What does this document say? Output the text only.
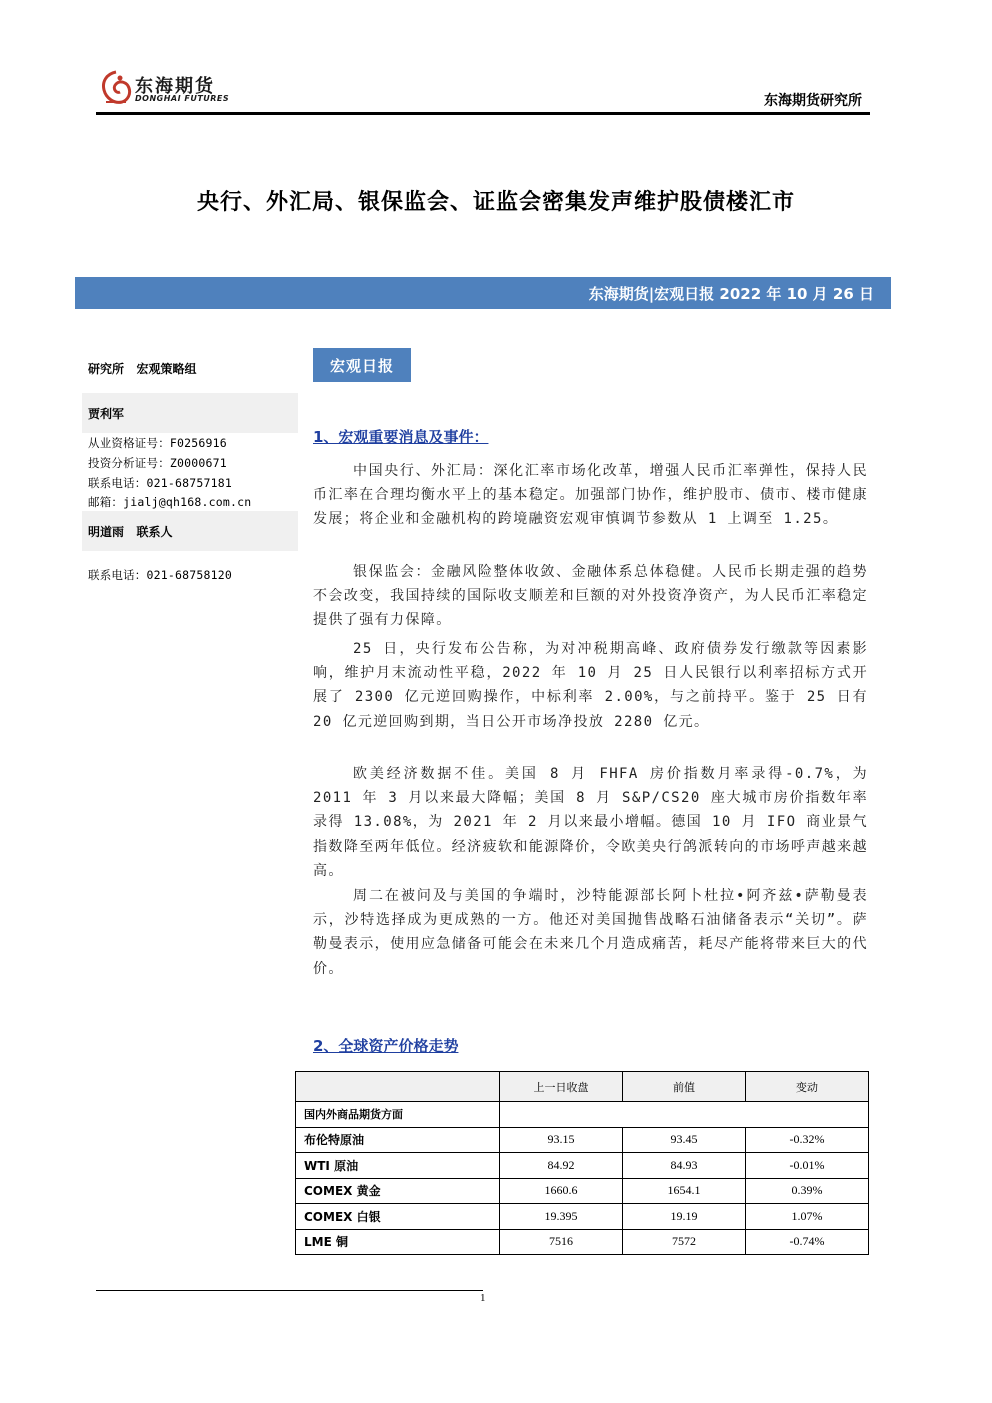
东海期货
DONGHAI FUTURES	东海期货研究所
央行、外汇局、银保监会、证监会密集发声维护股债楼汇市
东海期货|宏观日报 2022 年 10 月 26 日
研究所   宏观策略组
贾利军
从业资格证号：F0256916
投资分析证号：Z0000671
联系电话：021-68757181
邮箱：jialj@qh168.com.cn
明道雨   联系人
联系电话：021-68758120
宏观日报
1、宏观重要消息及事件：

中国央行、外汇局：深化汇率市场化改革，增强人民币汇率弹性，保持人民币汇率在合理均衡水平上的基本稳定。加强部门协作，维护股市、债市、楼市健康发展；将企业和金融机构的跨境融资宏观审慎调节参数从 1 上调至 1.25。

银保监会：金融风险整体收敛、金融体系总体稳健。人民币长期走强的趋势不会改变，我国持续的国际收支顺差和巨额的对外投资净资产，为人民币汇率稳定提供了强有力保障。

25 日，央行发布公告称，为对冲税期高峰、政府债券发行缴款等因素影响，维护月末流动性平稳，2022 年 10 月 25 日人民银行以利率招标方式开展了 2300 亿元逆回购操作，中标利率 2.00%，与之前持平。鉴于 25 日有 20 亿元逆回购到期，当日公开市场净投放 2280 亿元。

欧美经济数据不佳。美国 8 月 FHFA 房价指数月率录得-0.7%，为 2011 年 3 月以来最大降幅；美国 8 月 S&P/CS20 座大城市房价指数年率录得 13.08%，为 2021 年 2 月以来最小增幅。德国 10 月 IFO 商业景气指数降至两年低位。经济疲软和能源降价，令欧美央行鸽派转向的市场呼声越来越高。

周二在被问及与美国的争端时，沙特能源部长阿卜杜拉•阿齐兹•萨勒曼表示，沙特选择成为更成熟的一方。他还对美国抛售战略石油储备表示“关切”。萨勒曼表示，使用应急储备可能会在未来几个月造成痛苦，耗尽产能将带来巨大的代价。

2、全球资产价格走势
	上一日收盘	前值	变动
国内外商品期货方面			
布伦特原油	93.15	93.45	-0.32%
WTI 原油	84.92	84.93	-0.01%
COMEX 黄金	1660.6	1654.1	0.39%
COMEX 白银	19.395	19.19	1.07%
LME 铜	7516	7572	-0.74%
1
